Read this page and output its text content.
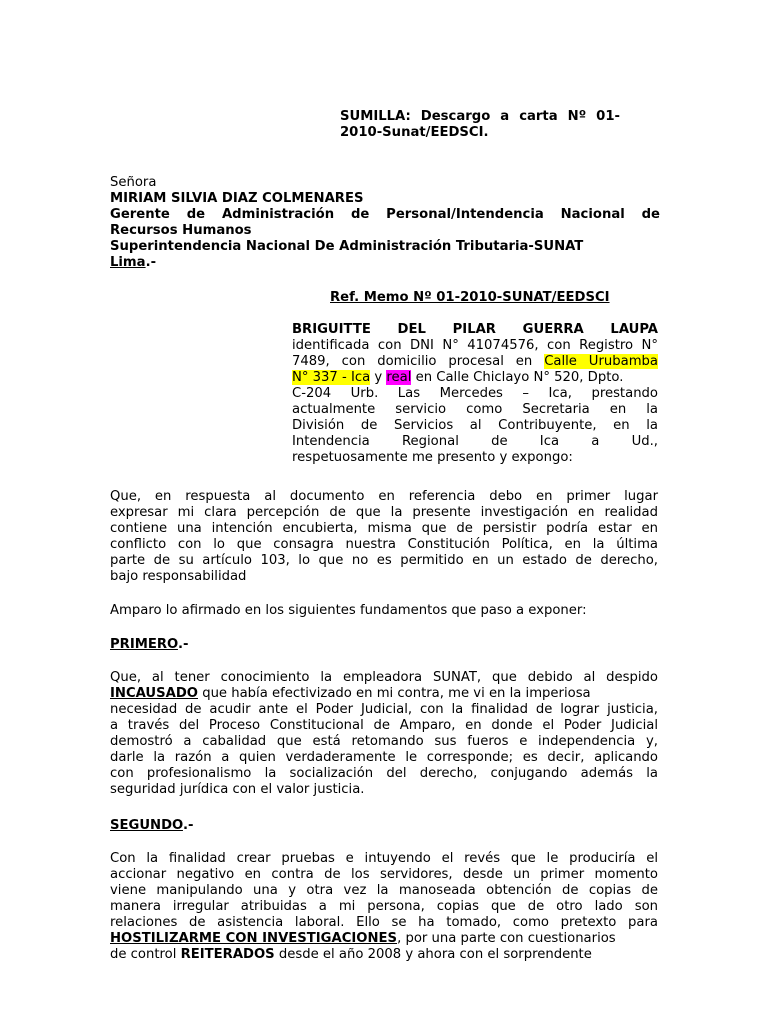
SUMILLA: Descargo a carta Nº 01-
2010-Sunat/EEDSCI.
Señora
MIRIAM SILVIA DIAZ COLMENARES
Gerente de Administración de Personal/Intendencia Nacional de
Recursos Humanos
Superintendencia Nacional De Administración Tributaria-SUNAT
Lima.-
Ref. Memo Nº 01-2010-SUNAT/EEDSCI
BRIGUITTE DEL PILAR GUERRA LAUPA
identificada con DNI N° 41074576, con Registro N°
7489, con domicilio procesal en Calle Urubamba
N° 337 - Ica y real en Calle Chiclayo N° 520, Dpto.
C-204 Urb. Las Mercedes – Ica, prestando
actualmente servicio como Secretaria en la
División de Servicios al Contribuyente, en la
Intendencia Regional de Ica a Ud.,
respetuosamente me presento y expongo:
Que, en respuesta al documento en referencia debo en primer lugar
expresar mi clara percepción de que la presente investigación en realidad
contiene una intención encubierta, misma que de persistir podría estar en
conflicto con lo que consagra nuestra Constitución Política, en la última
parte de su artículo 103, lo que no es permitido en un estado de derecho,
bajo responsabilidad
Amparo lo afirmado en los siguientes fundamentos que paso a exponer:
PRIMERO.-
Que, al tener conocimiento la empleadora SUNAT, que debido al despido
INCAUSADO que había efectivizado en mi contra, me vi en la imperiosa
necesidad de acudir ante el Poder Judicial, con la finalidad de lograr justicia,
a través del Proceso Constitucional de Amparo, en donde el Poder Judicial
demostró a cabalidad que está retomando sus fueros e independencia y,
darle la razón a quien verdaderamente le corresponde; es decir, aplicando
con profesionalismo la socialización del derecho, conjugando además la
seguridad jurídica con el valor justicia.
SEGUNDO.-
Con la finalidad crear pruebas e intuyendo el revés que le produciría el
accionar negativo en contra de los servidores, desde un primer momento
viene manipulando una y otra vez la manoseada obtención de copias de
manera irregular atribuidas a mi persona, copias que de otro lado son
relaciones de asistencia laboral. Ello se ha tomado, como pretexto para
HOSTILIZARME CON INVESTIGACIONES, por una parte con cuestionarios
de control REITERADOS desde el año 2008 y ahora con el sorprendente
